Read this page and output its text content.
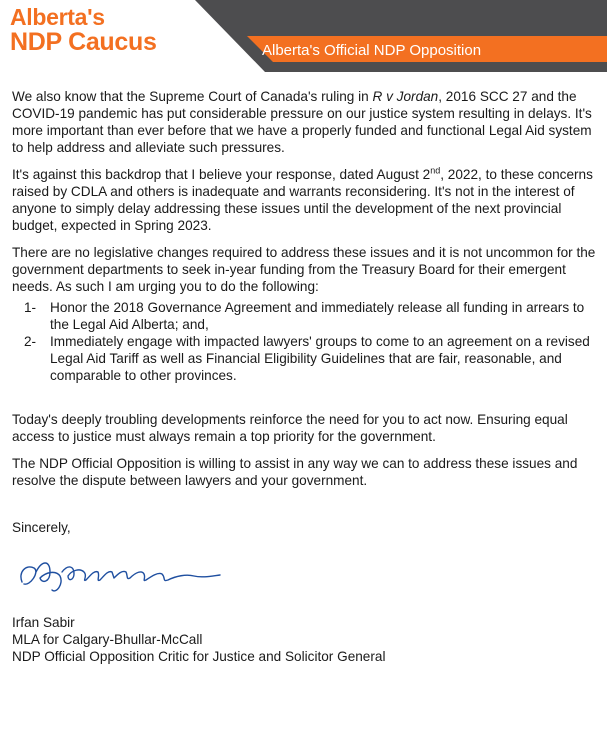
Alberta's
NDP Caucus	Alberta's Official NDP Opposition

We also know that the Supreme Court of Canada's ruling in R v Jordan, 2016 SCC 27 and the COVID-19 pandemic has put considerable pressure on our justice system resulting in delays. It's more important than ever before that we have a properly funded and functional Legal Aid system to help address and alleviate such pressures.

It's against this backdrop that I believe your response, dated August 2nd, 2022, to these concerns raised by CDLA and others is inadequate and warrants reconsidering. It's not in the interest of anyone to simply delay addressing these issues until the development of the next provincial budget, expected in Spring 2023.

There are no legislative changes required to address these issues and it is not uncommon for the government departments to seek in-year funding from the Treasury Board for their emergent needs. As such I am urging you to do the following:

1- Honor the 2018 Governance Agreement and immediately release all funding in arrears to the Legal Aid Alberta; and,
2- Immediately engage with impacted lawyers' groups to come to an agreement on a revised Legal Aid Tariff as well as Financial Eligibility Guidelines that are fair, reasonable, and comparable to other provinces.

Today's deeply troubling developments reinforce the need for you to act now. Ensuring equal access to justice must always remain a top priority for the government.

The NDP Official Opposition is willing to assist in any way we can to address these issues and resolve the dispute between lawyers and your government.

Sincerely,

Irfan Sabir
MLA for Calgary-Bhullar-McCall
NDP Official Opposition Critic for Justice and Solicitor General
